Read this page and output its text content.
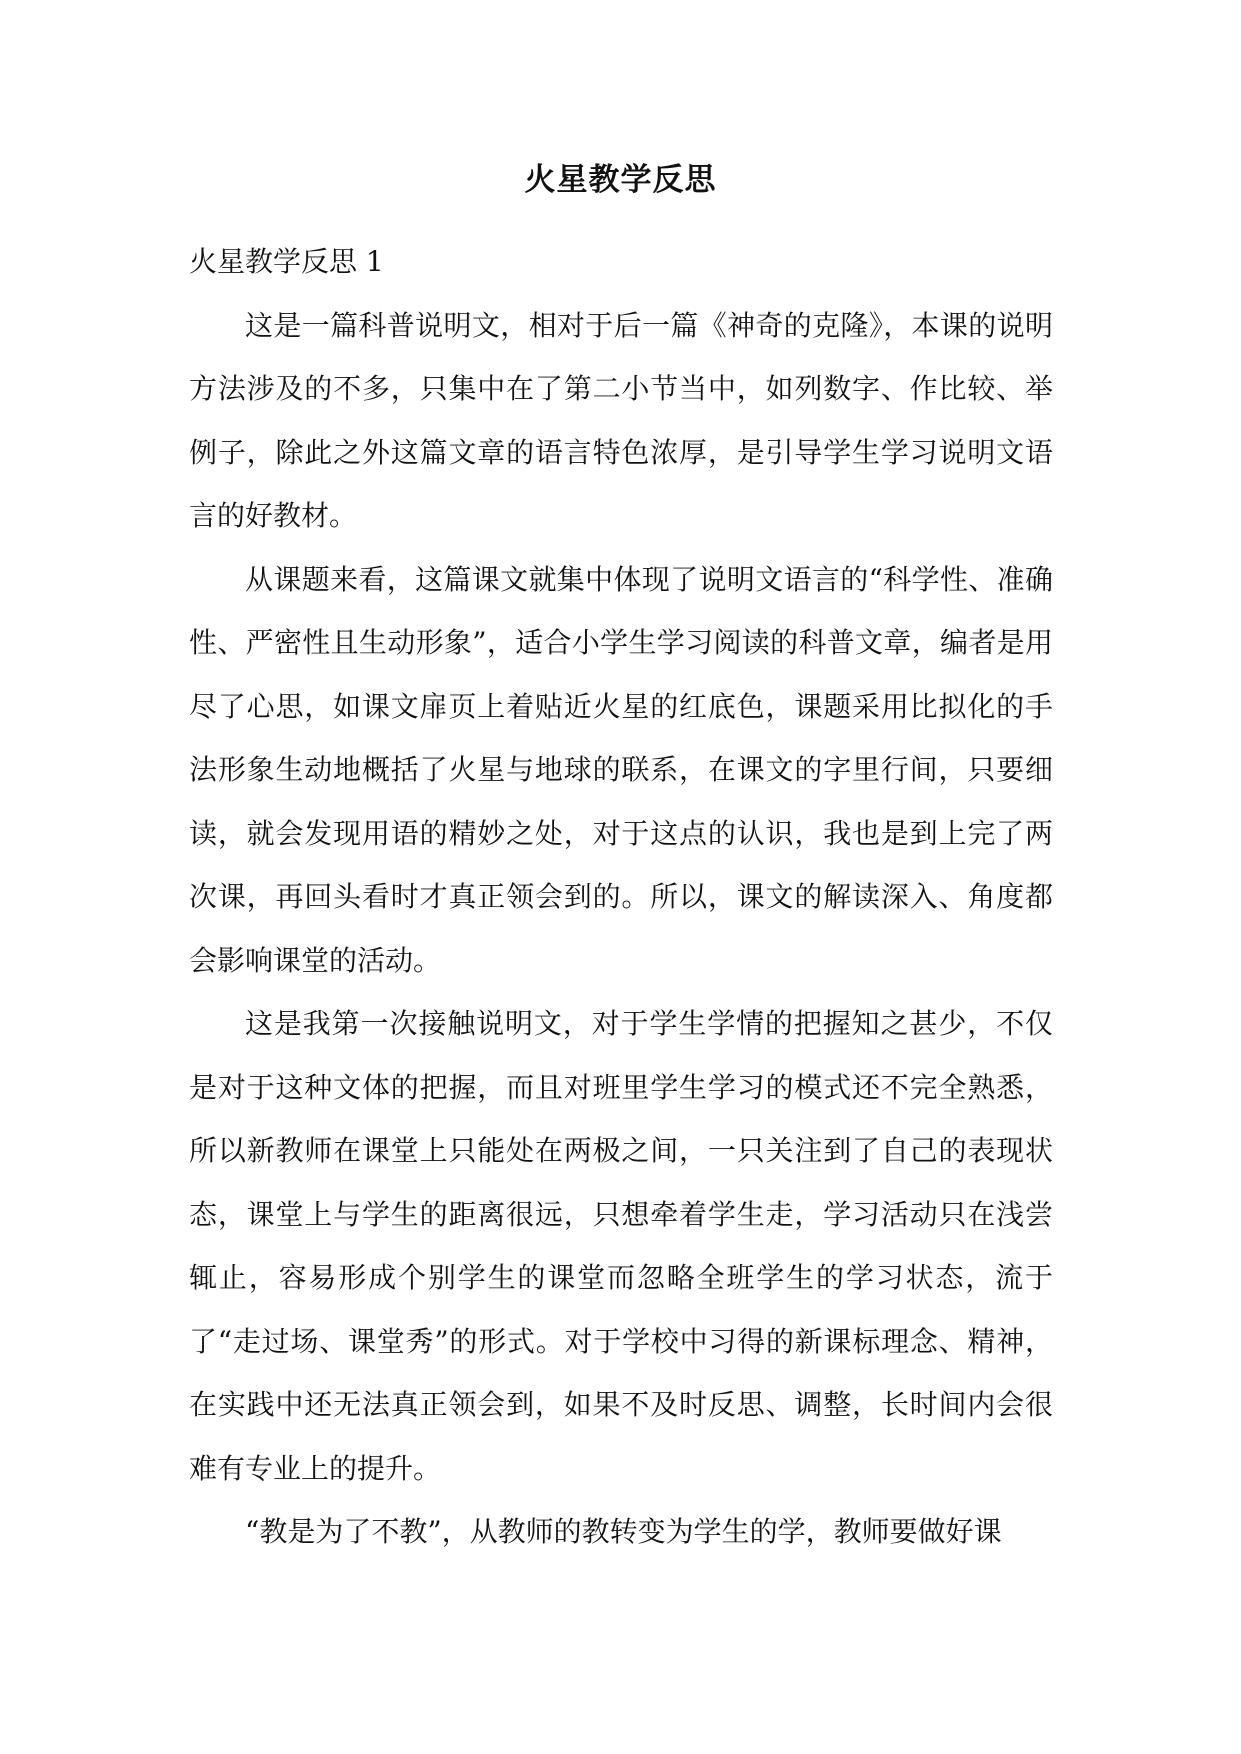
火星教学反思
火星教学反思 1

这是一篇科普说明文，相对于后一篇《神奇的克隆》，本课的说明方法涉及的不多，只集中在了第二小节当中，如列数字、作比较、举例子，除此之外这篇文章的语言特色浓厚，是引导学生学习说明文语言的好教材。

从课题来看，这篇课文就集中体现了说明文语言的“科学性、准确性、严密性且生动形象”，适合小学生学习阅读的科普文章，编者是用尽了心思，如课文扉页上着贴近火星的红底色，课题采用比拟化的手法形象生动地概括了火星与地球的联系，在课文的字里行间，只要细读，就会发现用语的精妙之处，对于这点的认识，我也是到上完了两次课，再回头看时才真正领会到的。所以，课文的解读深入、角度都会影响课堂的活动。

这是我第一次接触说明文，对于学生学情的把握知之甚少，不仅是对于这种文体的把握，而且对班里学生学习的模式还不完全熟悉，所以新教师在课堂上只能处在两极之间，一只关注到了自己的表现状态，课堂上与学生的距离很远，只想牵着学生走，学习活动只在浅尝辄止，容易形成个别学生的课堂而忽略全班学生的学习状态，流于了“走过场、课堂秀”的形式。对于学校中习得的新课标理念、精神，在实践中还无法真正领会到，如果不及时反思、调整，长时间内会很难有专业上的提升。

“教是为了不教”，从教师的教转变为学生的学，教师要做好课
